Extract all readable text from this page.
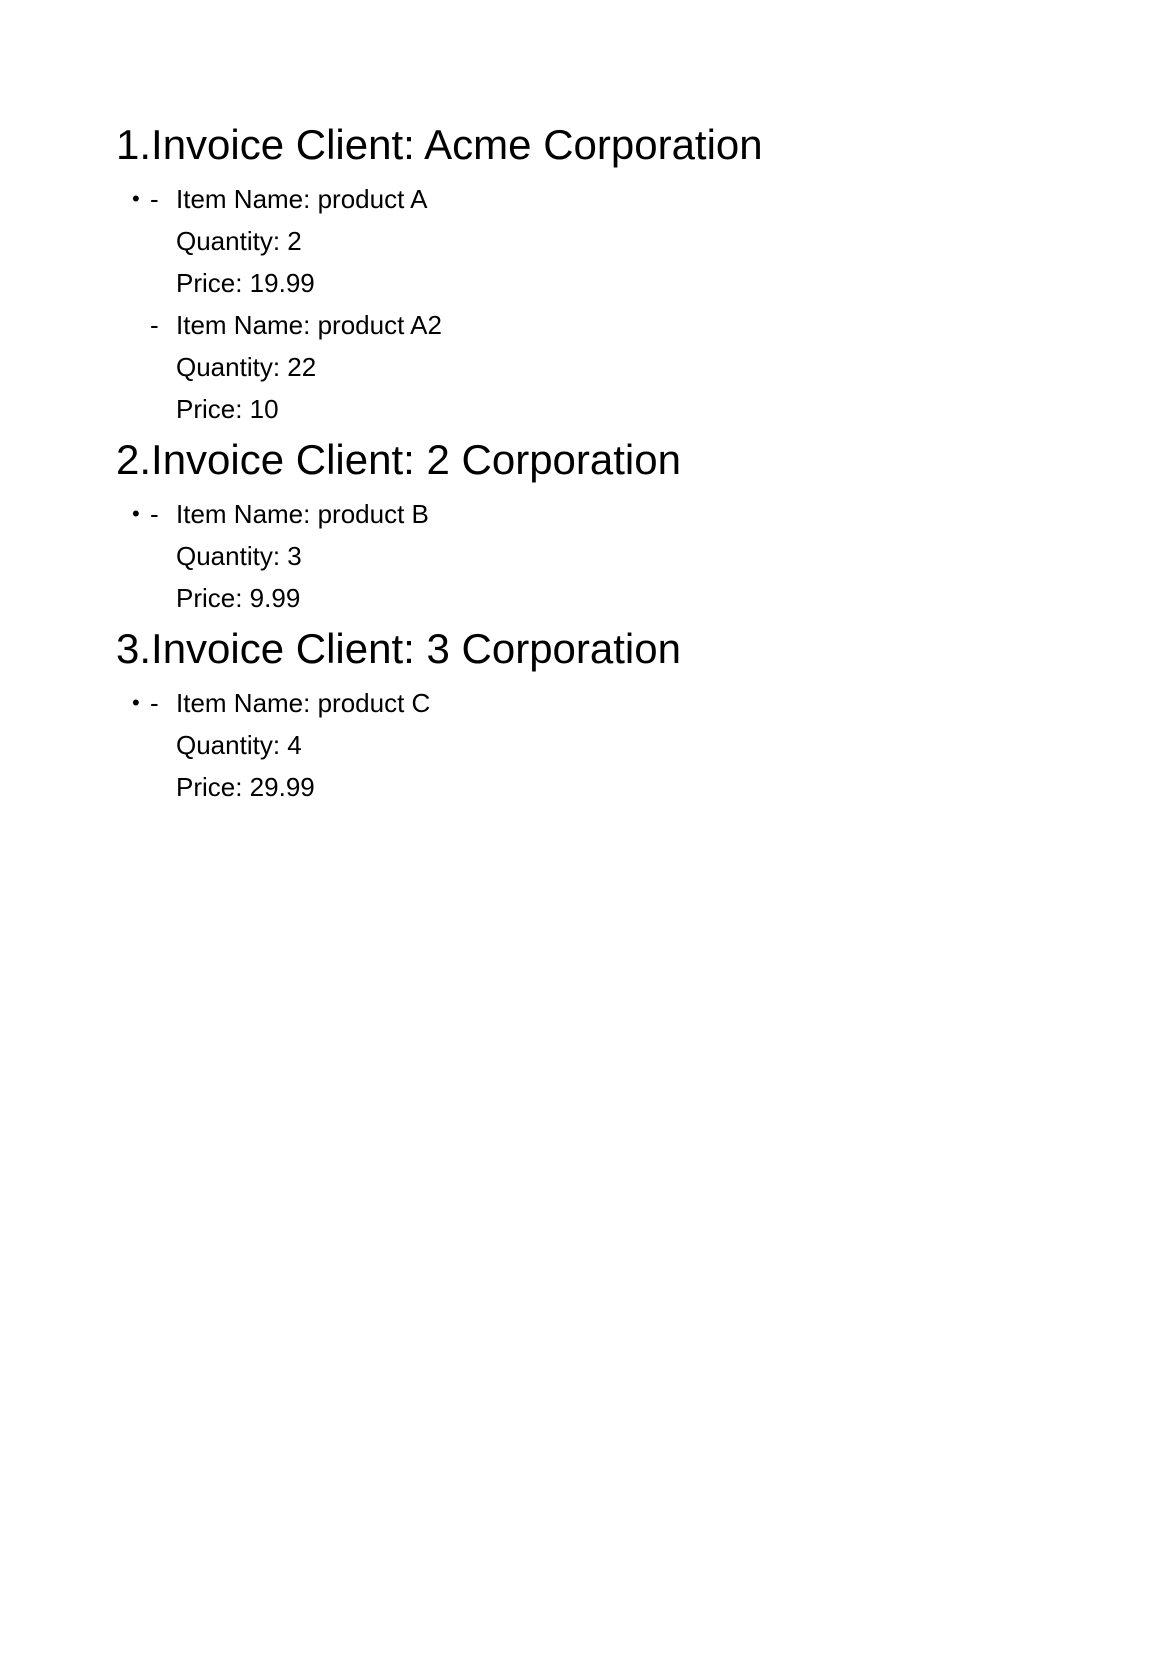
1.Invoice Client: Acme Corporation
• - Item Name: product A
Quantity: 2
Price: 19.99
- Item Name: product A2
Quantity: 22
Price: 10
2.Invoice Client: 2 Corporation
• - Item Name: product B
Quantity: 3
Price: 9.99
3.Invoice Client: 3 Corporation
• - Item Name: product C
Quantity: 4
Price: 29.99
